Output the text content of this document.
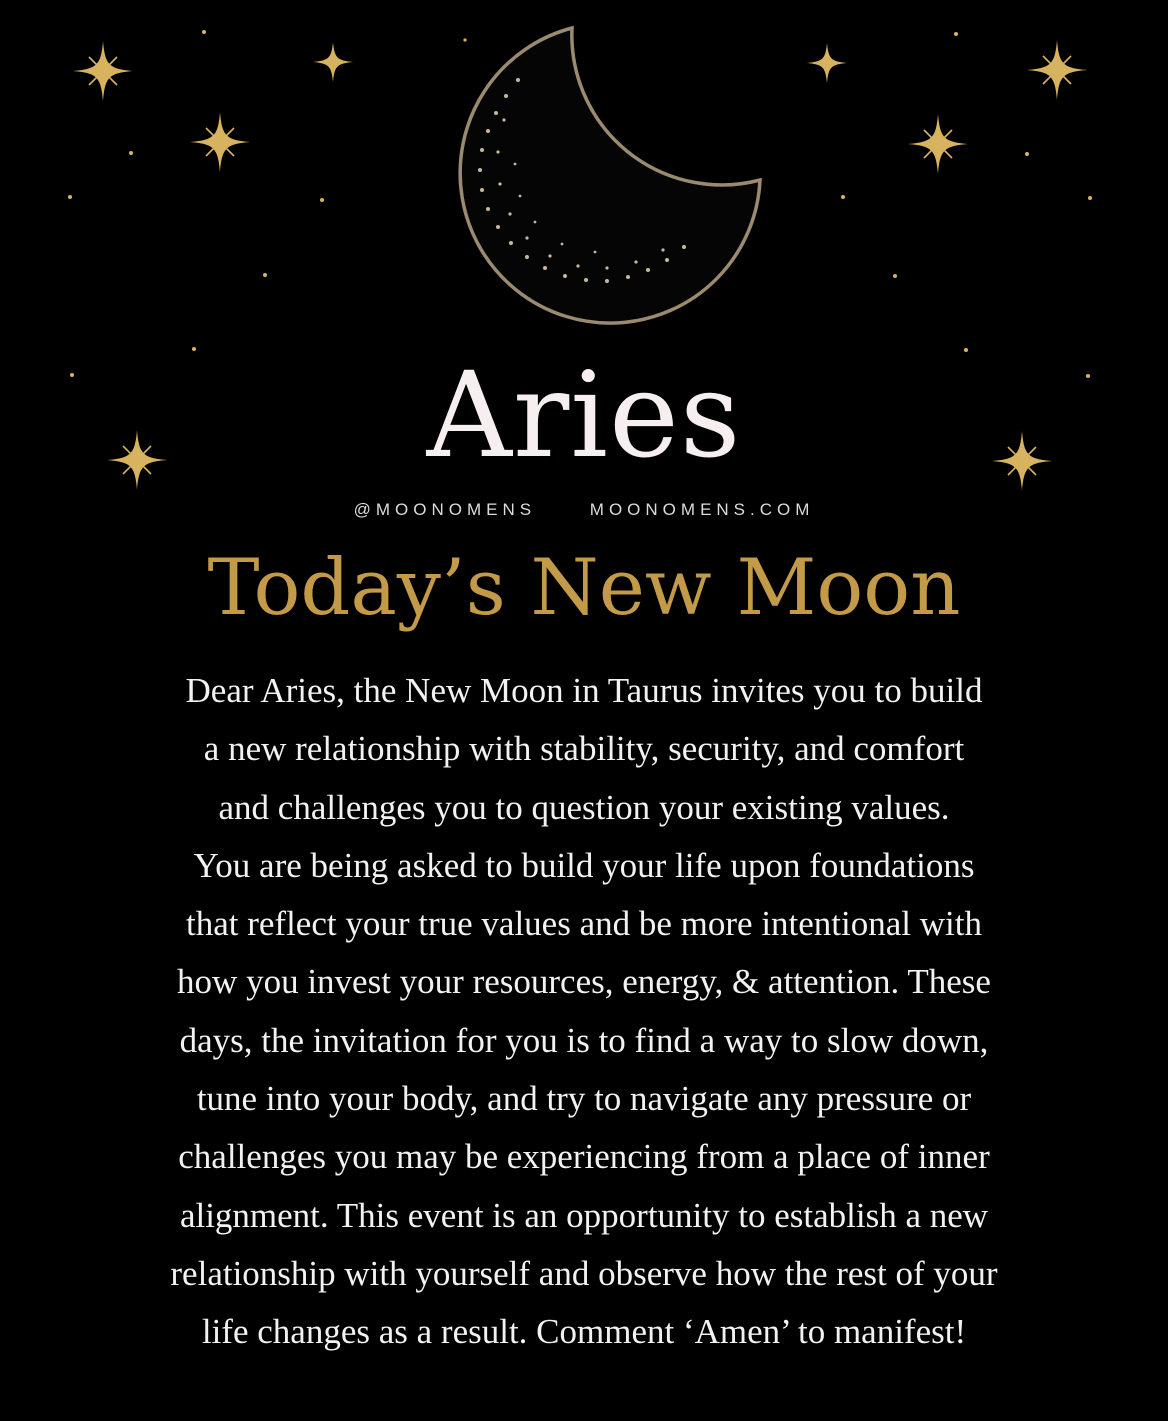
Aries
@MOONOMENS	MOONOMENS.COM
Today’s New Moon
Dear Aries, the New Moon in Taurus invites you to build
a new relationship with stability, security, and comfort
and challenges you to question your existing values.
You are being asked to build your life upon foundations
that reflect your true values and be more intentional with
how you invest your resources, energy, & attention. These
days, the invitation for you is to find a way to slow down,
tune into your body, and try to navigate any pressure or
challenges you may be experiencing from a place of inner
alignment. This event is an opportunity to establish a new
relationship with yourself and observe how the rest of your
life changes as a result. Comment ‘Amen’ to manifest!
